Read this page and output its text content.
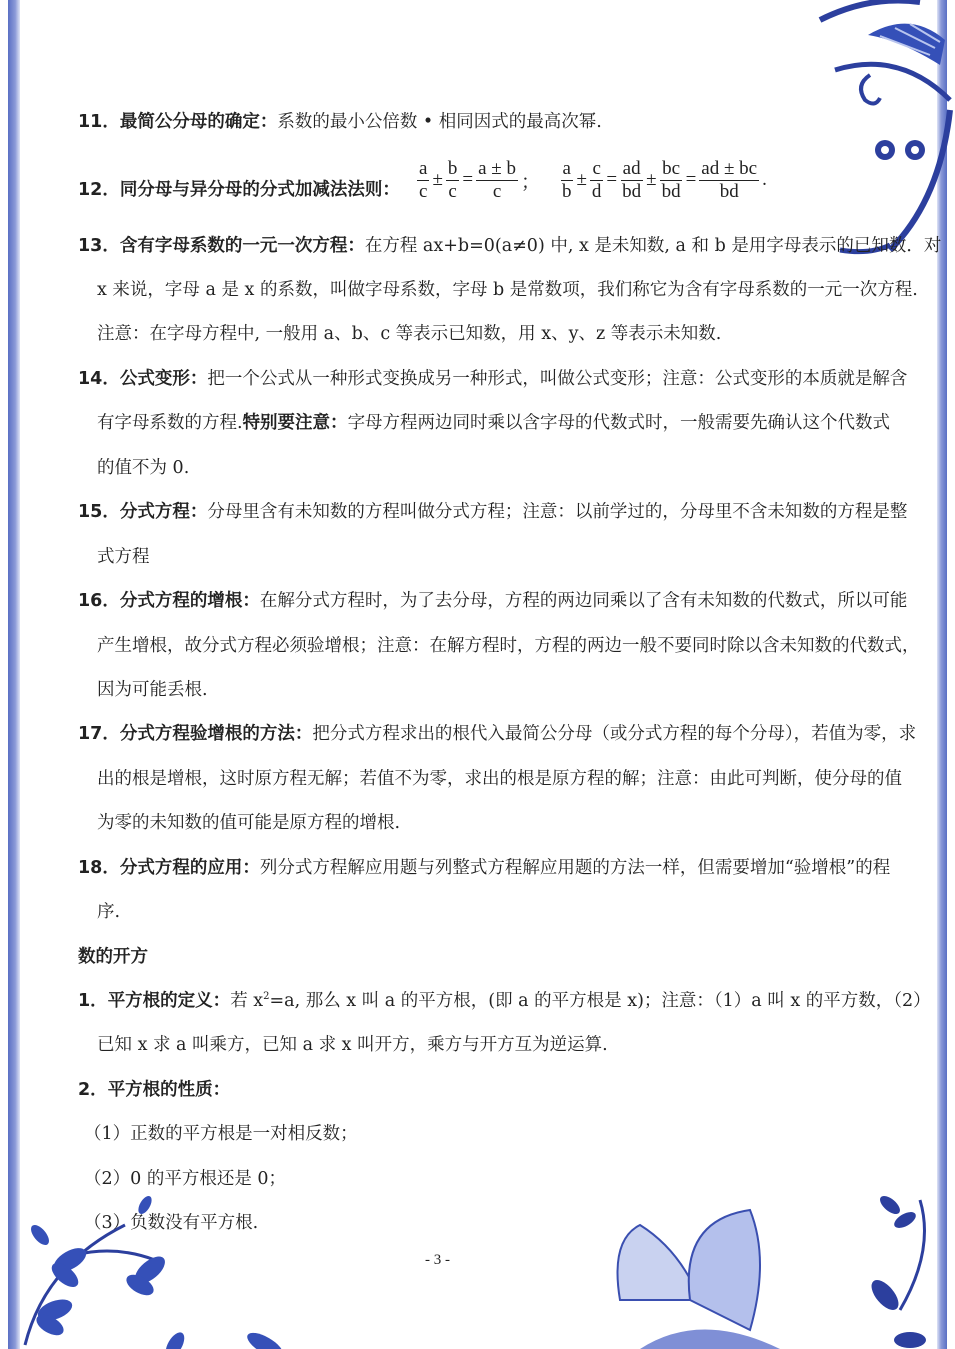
11．最简公分母的确定：系数的最小公倍数 • 相同因式的最高次幂.
12．同分母与异分母的分式加减法法则： $\frac{a}{c} \pm \frac{b}{c} = \frac{a \pm b}{c}$ ； $\frac{a}{b} \pm \frac{c}{d} = \frac{ad}{bd} \pm \frac{bc}{bd} = \frac{ad \pm bc}{bd}$ .
13．含有字母系数的一元一次方程：在方程 ax+b=0(a≠0) 中, x 是未知数, a 和 b 是用字母表示的已知数．对
x 来说，字母 a 是 x 的系数，叫做字母系数，字母 b 是常数项，我们称它为含有字母系数的一元一次方程.
注意：在字母方程中, 一般用 a、b、c 等表示已知数，用 x、y、z 等表示未知数.
14．公式变形：把一个公式从一种形式变换成另一种形式，叫做公式变形；注意：公式变形的本质就是解含
有字母系数的方程.特别要注意：字母方程两边同时乘以含字母的代数式时，一般需要先确认这个代数式
的值不为 0.
15．分式方程：分母里含有未知数的方程叫做分式方程；注意：以前学过的，分母里不含未知数的方程是整
式方程
16．分式方程的增根：在解分式方程时，为了去分母，方程的两边同乘以了含有未知数的代数式，所以可能
产生增根，故分式方程必须验增根；注意：在解方程时，方程的两边一般不要同时除以含未知数的代数式，
因为可能丢根.
17．分式方程验增根的方法：把分式方程求出的根代入最简公分母（或分式方程的每个分母），若值为零，求
出的根是增根，这时原方程无解；若值不为零，求出的根是原方程的解；注意：由此可判断，使分母的值
为零的未知数的值可能是原方程的增根.
18．分式方程的应用：列分式方程解应用题与列整式方程解应用题的方法一样，但需要增加“验增根”的程
序.
数的开方
1．平方根的定义：若 $x^2=a$, 那么 x 叫 a 的平方根，(即 a 的平方根是 x)；注意：（1）a 叫 x 的平方数，（2）
已知 x 求 a 叫乘方，已知 a 求 x 叫开方，乘方与开方互为逆运算.
2．平方根的性质：
（1）正数的平方根是一对相反数；
（2）0 的平方根还是 0；
（3）负数没有平方根.
- 3 -
